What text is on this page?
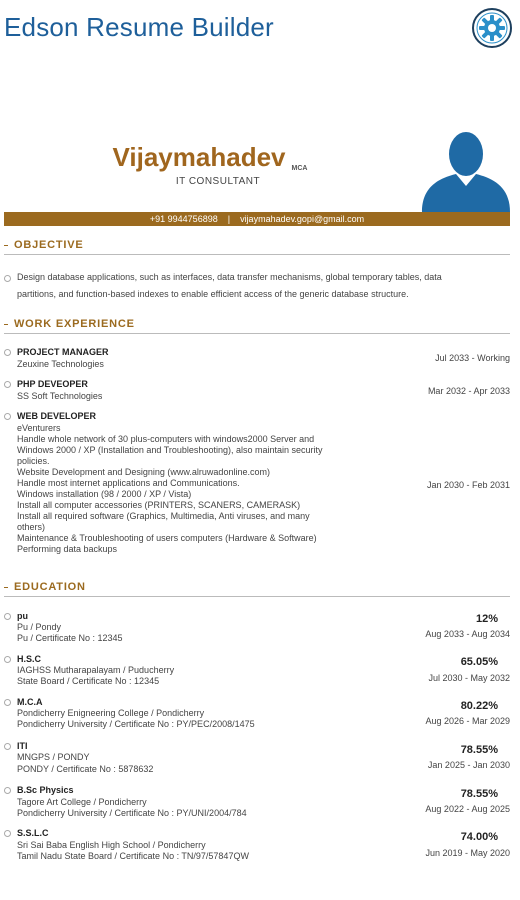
Edson Resume Builder
Vijaymahadev $_{MCA}$
IT CONSULTANT
+91 9944756898 | vijaymahadev.gopi@gmail.com
OBJECTIVE
Design database applications, such as interfaces, data transfer mechanisms, global temporary tables, data
partitions, and function-based indexes to enable efficient access of the generic database structure.
WORK EXPERIENCE
PROJECT MANAGER
Zeuxine Technologies
Jul 2033 - Working
PHP DEVEOPER
SS Soft Technologies	Mar 2032 - Apr 2033
WEB DEVELOPER
eVenturers
Jan 2030 - Feb 2031
Handle whole network of 30 plus-computers with windows2000 Server and
Windows 2000 / XP (Installation and Troubleshooting), also maintain security
policies.
Website Development and Designing (www.alruwadonline.com)
Handle most internet applications and Communications.
Windows installation (98 / 2000 / XP / Vista)
Install all computer accessories (PRINTERS, SCANERS, CAMERASK)
Install all required software (Graphics, Multimedia, Anti viruses, and many
others)
Maintenance & Troubleshooting of users computers (Hardware & Software)
Performing data backups
EDUCATION
pu
Pu / Pondy
Pu / Certificate No : 12345
12%
Aug 2033 - Aug 2034
H.S.C
IAGHSS Mutharapalayam / Puducherry
State Board / Certificate No : 12345
65.05%
Jul 2030 - May 2032
M.C.A
Pondicherry Enigneering College / Pondicherry
Pondicherry University / Certificate No : PY/PEC/2008/1475
80.22%
Aug 2026 - Mar 2029
ITI
MNGPS / PONDY
PONDY / Certificate No : 5878632
78.55%
Jan 2025 - Jan 2030
B.Sc Physics
Tagore Art College / Pondicherry
Pondicherry University / Certificate No : PY/UNI/2004/784
78.55%
Aug 2022 - Aug 2025
S.S.L.C
Sri Sai Baba English High School / Pondicherry
Tamil Nadu State Board / Certificate No : TN/97/57847QW
74.00%
Jun 2019 - May 2020
